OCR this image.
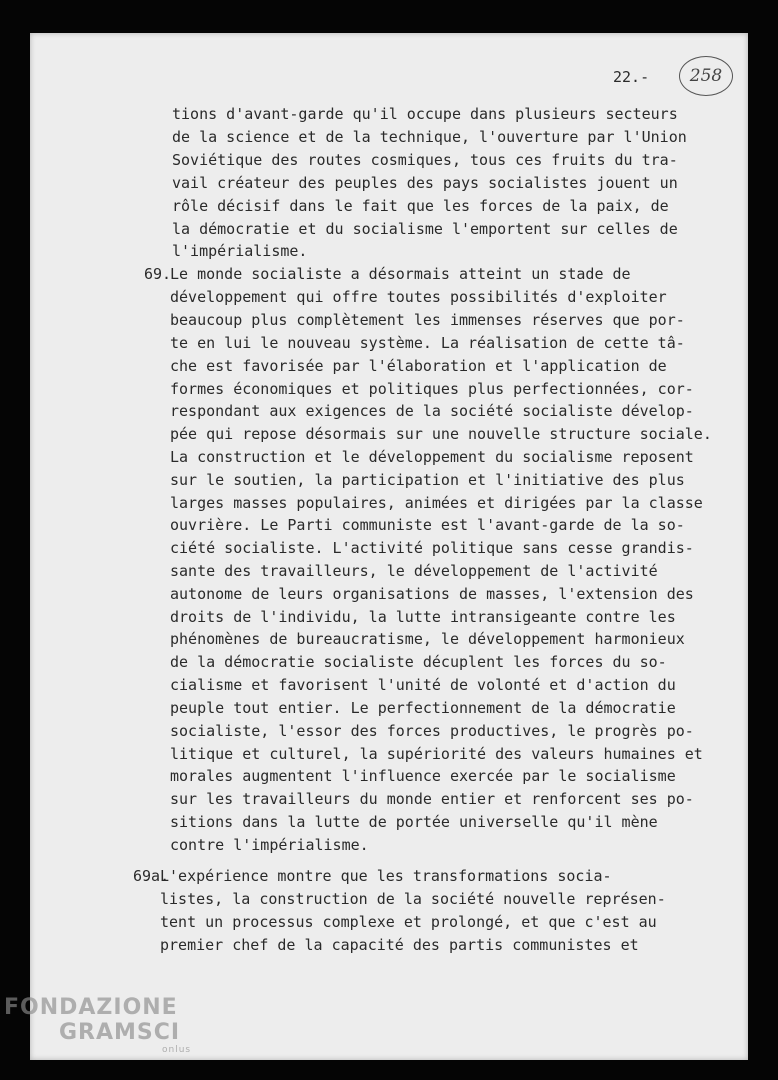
22.-	258
tions d'avant-garde qu'il occupe dans plusieurs secteurs
de la science et de la technique, l'ouverture par l'Union
Soviétique des routes cosmiques, tous ces fruits du tra-
vail créateur des peuples des pays socialistes jouent un
rôle décisif dans le fait que les forces de la paix, de
la démocratie et du socialisme l'emportent sur celles de
l'impérialisme.
69.
Le monde socialiste a désormais atteint un stade de
développement qui offre toutes possibilités d'exploiter
beaucoup plus complètement les immenses réserves que por-
te en lui le nouveau système. La réalisation de cette tâ-
che est favorisée par l'élaboration et l'application de
formes économiques et politiques plus perfectionnées, cor-
respondant aux exigences de la société socialiste dévelop-
pée qui repose désormais sur une nouvelle structure sociale.
La construction et le développement du socialisme reposent
sur le soutien, la participation et l'initiative des plus
larges masses populaires, animées et dirigées par la classe
ouvrière. Le Parti communiste est l'avant-garde de la so-
ciété socialiste. L'activité politique sans cesse grandis-
sante des travailleurs, le développement de l'activité
autonome de leurs organisations de masses, l'extension des
droits de l'individu, la lutte intransigeante contre les
phénomènes de bureaucratisme, le développement harmonieux
de la démocratie socialiste décuplent les forces du so-
cialisme et favorisent l'unité de volonté et d'action du
peuple tout entier. Le perfectionnement de la démocratie
socialiste, l'essor des forces productives, le progrès po-
litique et culturel, la supériorité des valeurs humaines et
morales augmentent l'influence exercée par le socialisme
sur les travailleurs du monde entier et renforcent ses po-
sitions dans la lutte de portée universelle qu'il mène
contre l'impérialisme.
69a.
L'expérience montre que les transformations socia-
listes, la construction de la société nouvelle représen-
tent un processus complexe et prolongé, et que c'est au
premier chef de la capacité des partis communistes et
FONDAZIONE
GRAMSCI
onlus
